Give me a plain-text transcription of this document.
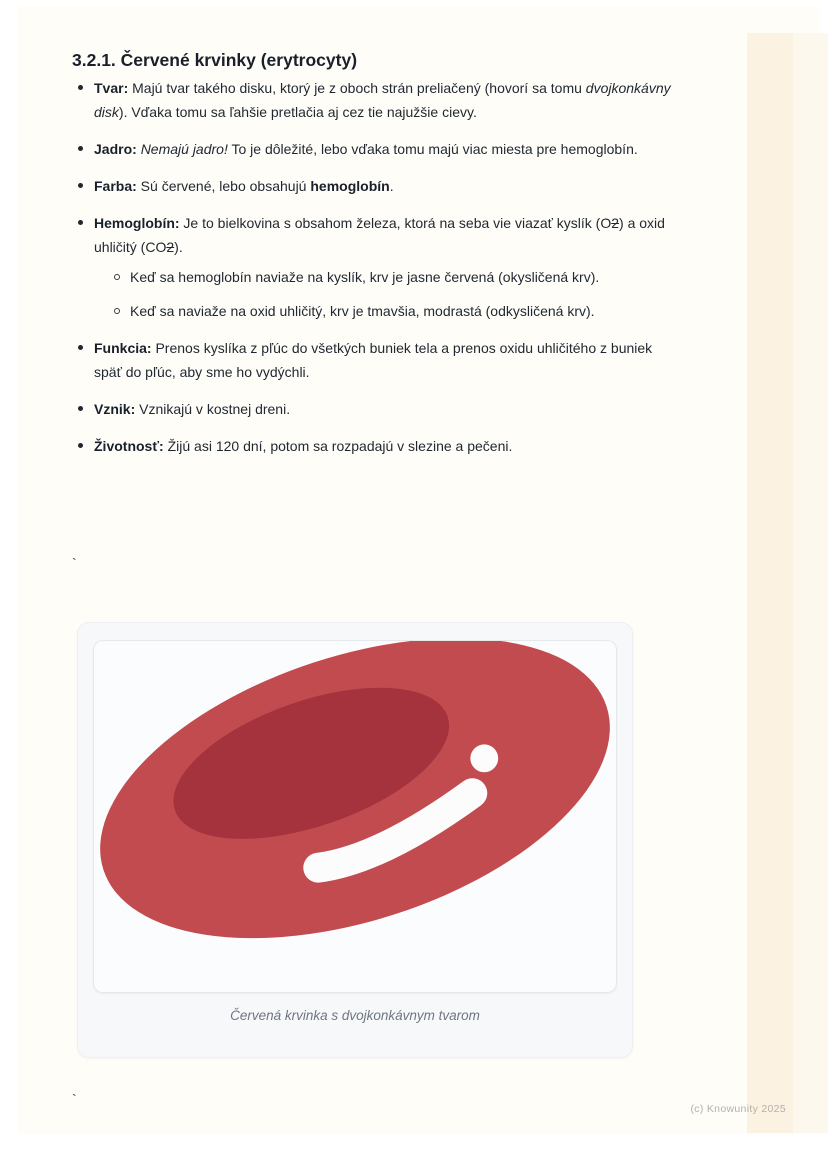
3.2.1. Červené krvinky (erytrocyty)
Tvar: Majú tvar takého disku, ktorý je z oboch strán preliačený (hovorí sa tomu dvojkonkávny disk). Vďaka tomu sa ľahšie pretlačia aj cez tie najužšie cievy.
Jadro: Nemajú jadro! To je dôležité, lebo vďaka tomu majú viac miesta pre hemoglobín.
Farba: Sú červené, lebo obsahujú hemoglobín.
Hemoglobín: Je to bielkovina s obsahom železa, ktorá na seba vie viazať kyslík (O2) a oxid uhličitý (CO2).
Keď sa hemoglobín naviaže na kyslík, krv je jasne červená (okysličená krv).
Keď sa naviaže na oxid uhličitý, krv je tmavšia, modrastá (odkysličená krv).
Funkcia: Prenos kyslíka z pľúc do všetkých buniek tela a prenos oxidu uhličitého z buniek späť do pľúc, aby sme ho vydýchli.
Vznik: Vznikajú v kostnej dreni.
Životnosť: Žijú asi 120 dní, potom sa rozpadajú v slezine a pečeni.
`
Červená krvinka s dvojkonkávnym tvarom
`
(c) Knowunity 2025
